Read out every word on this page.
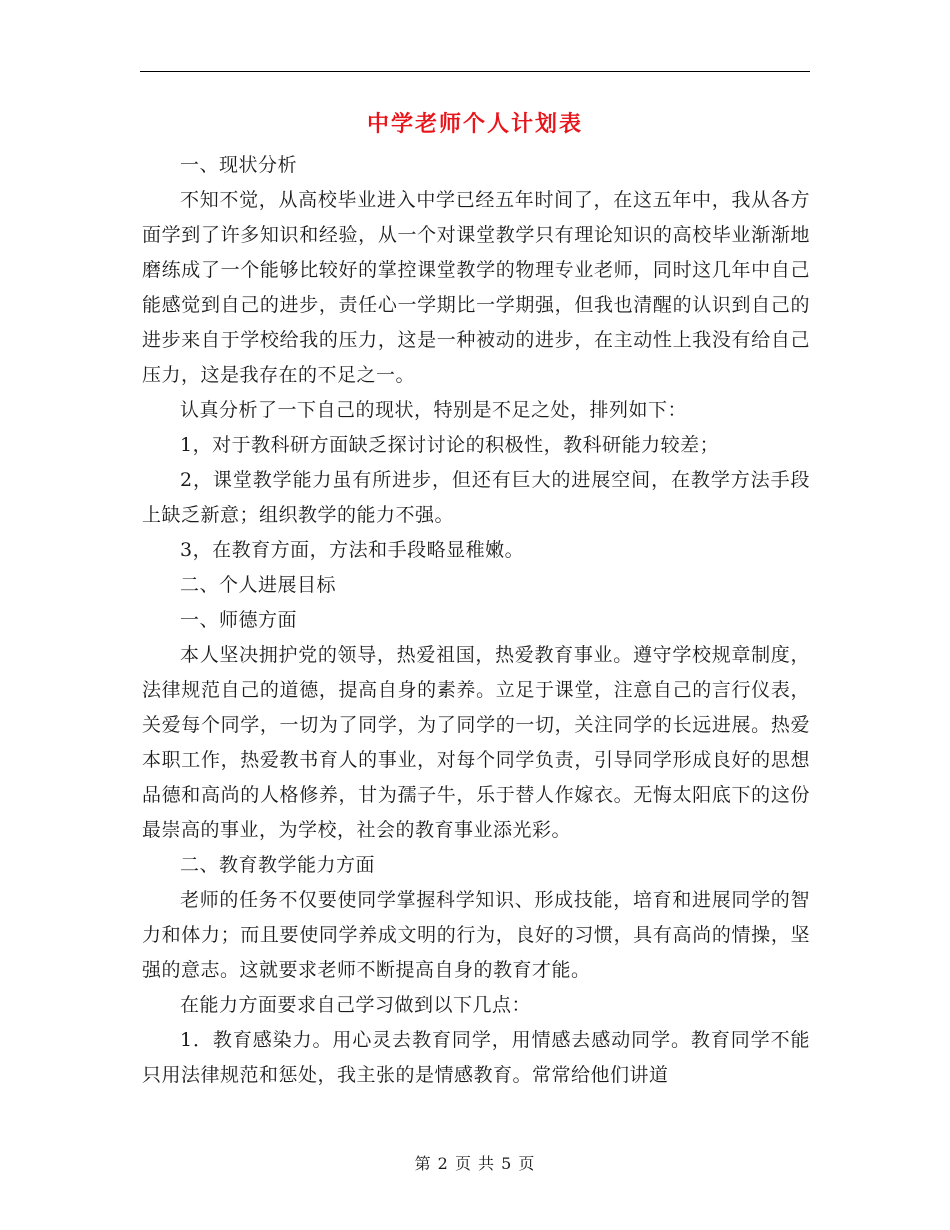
中学老师个人计划表

一、现状分析

不知不觉，从高校毕业进入中学已经五年时间了，在这五年中，我从各方面学到了许多知识和经验，从一个对课堂教学只有理论知识的高校毕业渐渐地磨练成了一个能够比较好的掌控课堂教学的物理专业老师，同时这几年中自己能感觉到自己的进步，责任心一学期比一学期强，但我也清醒的认识到自己的进步来自于学校给我的压力，这是一种被动的进步，在主动性上我没有给自己压力，这是我存在的不足之一。

认真分析了一下自己的现状，特别是不足之处，排列如下：

1，对于教科研方面缺乏探讨讨论的积极性，教科研能力较差；

2，课堂教学能力虽有所进步，但还有巨大的进展空间，在教学方法手段上缺乏新意；组织教学的能力不强。

3，在教育方面，方法和手段略显稚嫩。

二、个人进展目标

一、师德方面

本人坚决拥护党的领导，热爱祖国，热爱教育事业。遵守学校规章制度，法律规范自己的道德，提高自身的素养。立足于课堂，注意自己的言行仪表，关爱每个同学，一切为了同学，为了同学的一切，关注同学的长远进展。热爱本职工作，热爱教书育人的事业，对每个同学负责，引导同学形成良好的思想品德和高尚的人格修养，甘为孺子牛，乐于替人作嫁衣。无悔太阳底下的这份最崇高的事业，为学校，社会的教育事业添光彩。

二、教育教学能力方面

老师的任务不仅要使同学掌握科学知识、形成技能，培育和进展同学的智力和体力；而且要使同学养成文明的行为，良好的习惯，具有高尚的情操，坚强的意志。这就要求老师不断提高自身的教育才能。

在能力方面要求自己学习做到以下几点：

1．教育感染力。用心灵去教育同学，用情感去感动同学。教育同学不能只用法律规范和惩处，我主张的是情感教育。常常给他们讲道

第 2 页 共 5 页
